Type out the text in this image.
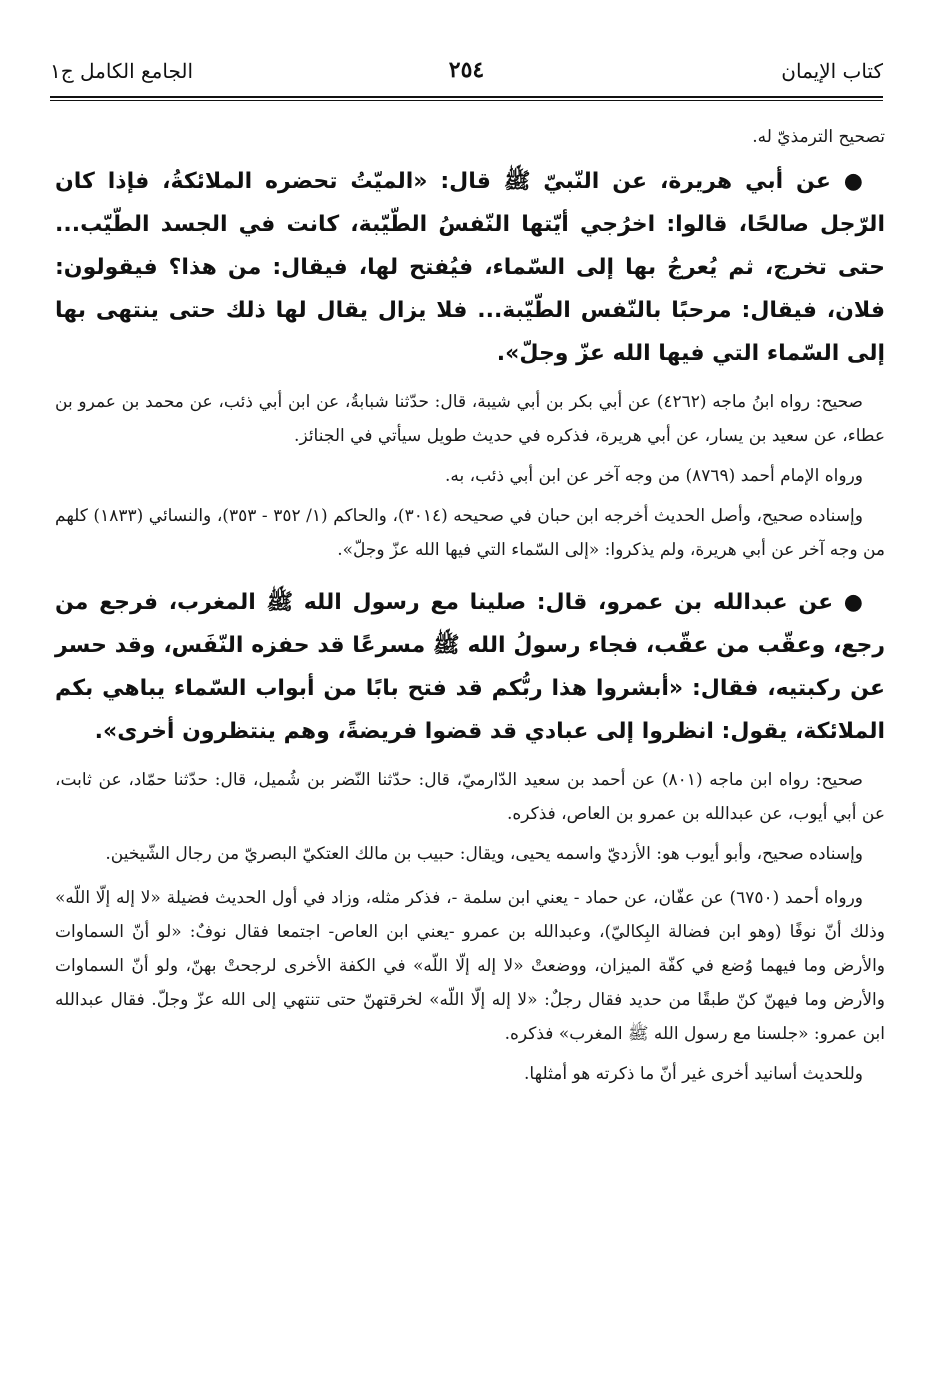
كتاب الإيمان
٢٥٤
الجامع الكامل ج١

تصحيح الترمذيّ له.

● عن أبي هريرة، عن النّبيّ ﷺ قال: «الميّتُ تحضره الملائكةُ، فإذا كان الرّجل صالحًا، قالوا: اخرُجي أيّتها النّفسُ الطّيّبة، كانت في الجسد الطّيّب... حتى تخرج، ثم يُعرجُ بها إلى السّماء، فيُفتح لها، فيقال: من هذا؟ فيقولون: فلان، فيقال: مرحبًا بالنّفس الطّيّبة... فلا يزال يقال لها ذلك حتى ينتهى بها إلى السّماء التي فيها الله عزّ وجلّ».

صحيح: رواه ابنُ ماجه (٤٢٦٢) عن أبي بكر بن أبي شيبة، قال: حدّثنا شبابةُ، عن ابن أبي ذئب، عن محمد بن عمرو بن عطاء، عن سعيد بن يسار، عن أبي هريرة، فذكره في حديث طويل سيأتي في الجنائز.

ورواه الإمام أحمد (٨٧٦٩) من وجه آخر عن ابن أبي ذئب، به.

وإسناده صحيح، وأصل الحديث أخرجه ابن حبان في صحيحه (٣٠١٤)، والحاكم (١/ ٣٥٢ - ٣٥٣)، والنسائي (١٨٣٣) كلهم من وجه آخر عن أبي هريرة، ولم يذكروا: «إلى السّماء التي فيها الله عزّ وجلّ».

● عن عبدالله بن عمرو، قال: صلينا مع رسول الله ﷺ المغرب، فرجع من رجع، وعقّب من عقّب، فجاء رسولُ الله ﷺ مسرعًا قد حفزه النّفَس، وقد حسر عن ركبتيه، فقال: «أبشروا هذا ربُّكم قد فتح بابًا من أبواب السّماء يباهي بكم الملائكة، يقول: انظروا إلى عبادي قد قضوا فريضةً، وهم ينتظرون أخرى».

صحيح: رواه ابن ماجه (٨٠١) عن أحمد بن سعيد الدّارميّ، قال: حدّثنا النّضر بن شُميل، قال: حدّثنا حمّاد، عن ثابت، عن أبي أيوب، عن عبدالله بن عمرو بن العاص، فذكره.

وإسناده صحيح، وأبو أيوب هو: الأزديّ واسمه يحيى، ويقال: حبيب بن مالك العتكيّ البصريّ من رجال الشّيخين.

ورواه أحمد (٦٧٥٠) عن عفّان، عن حماد - يعني ابن سلمة -، فذكر مثله، وزاد في أول الحديث فضيلة «لا إله إلّا اللّه» وذلك أنّ نوفًا (وهو ابن فضالة البِكاليّ)، وعبدالله بن عمرو -يعني ابن العاص- اجتمعا فقال نوفٌ: «لو أنّ السماوات والأرض وما فيهما وُضع في كفّة الميزان، ووضعتْ «لا إله إلّا اللّه» في الكفة الأخرى لرجحتْ بهنّ، ولو أنّ السماوات والأرض وما فيهنّ كنّ طبقًا من حديد فقال رجلٌ: «لا إله إلّا اللّه» لخرقتهنّ حتى تنتهي إلى الله عزّ وجلّ. فقال عبدالله ابن عمرو: «جلسنا مع رسول الله ﷺ المغرب» فذكره.

وللحديث أسانيد أخرى غير أنّ ما ذكرته هو أمثلها.
